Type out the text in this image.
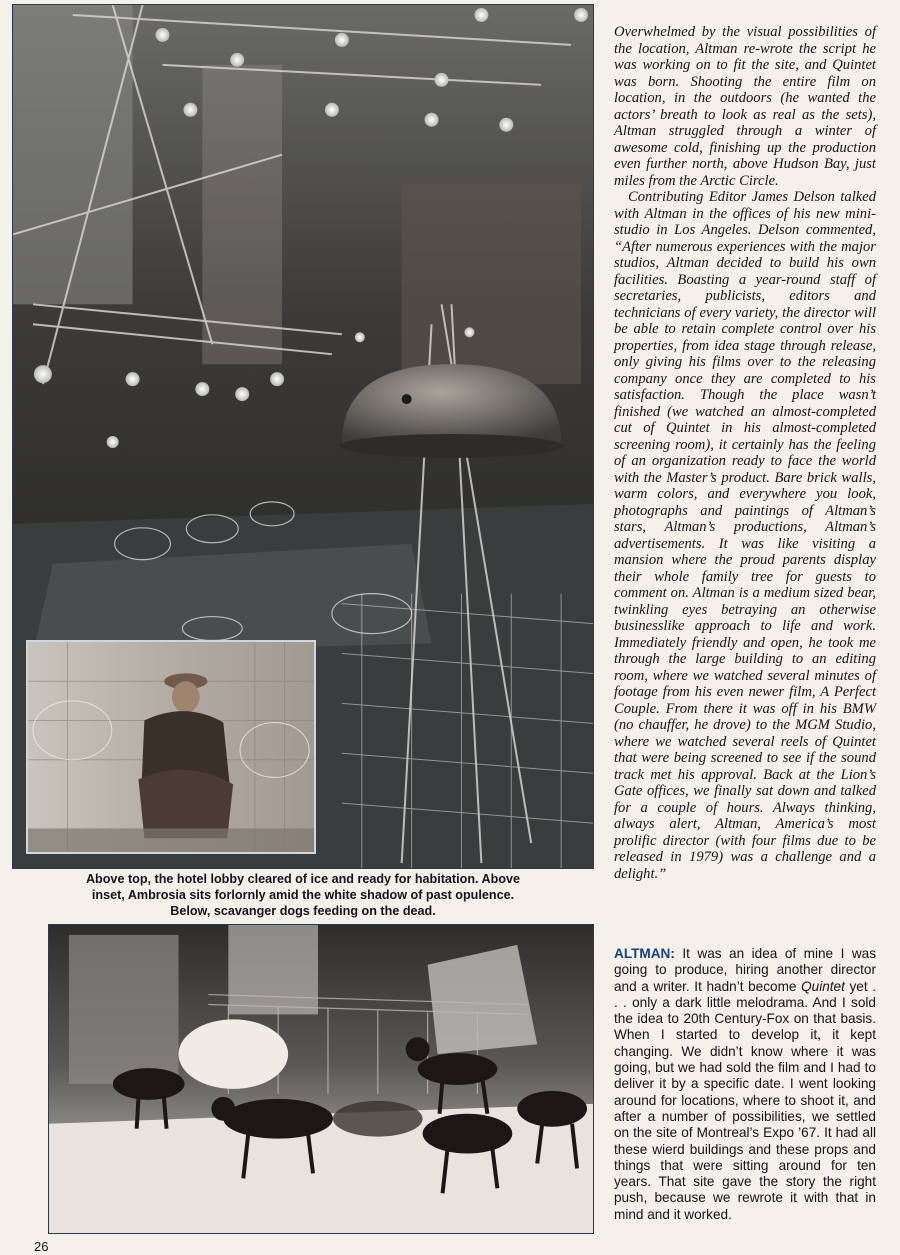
Above top, the hotel lobby cleared of ice and ready for habitation. Above
inset, Ambrosia sits forlornly amid the white shadow of past opulence.
Below, scavanger dogs feeding on the dead.

Overwhelmed by the visual possibilities of the location, Altman re-wrote the script he was working on to fit the site, and Quintet was born. Shooting the entire film on location, in the outdoors (he wanted the actors’ breath to look as real as the sets), Altman struggled through a winter of awesome cold, finishing up the production even further north, above Hudson Bay, just miles from the Arctic Circle.

Contributing Editor James Delson talked with Altman in the offices of his new mini-studio in Los Angeles. Delson commented, “After numerous experiences with the major studios, Altman decided to build his own facilities. Boasting a year-round staff of secretaries, publicists, editors and technicians of every variety, the director will be able to retain complete control over his properties, from idea stage through release, only giving his films over to the releasing company once they are completed to his satisfaction. Though the place wasn’t finished (we watched an almost-completed cut of Quintet in his almost-completed screening room), it certainly has the feeling of an organization ready to face the world with the Master’s product. Bare brick walls, warm colors, and everywhere you look, photographs and paintings of Altman’s stars, Altman’s productions, Altman’s advertisements. It was like visiting a mansion where the proud parents display their whole family tree for guests to comment on. Altman is a medium sized bear, twinkling eyes betraying an otherwise businesslike approach to life and work. Immediately friendly and open, he took me through the large building to an editing room, where we watched several minutes of footage from his even newer film, A Perfect Couple. From there it was off in his BMW (no chauffer, he drove) to the MGM Studio, where we watched several reels of Quintet that were being screened to see if the sound track met his approval. Back at the Lion’s Gate offices, we finally sat down and talked for a couple of hours. Always thinking, always alert, Altman, America’s most prolific director (with four films due to be released in 1979) was a challenge and a delight.”

ALTMAN: It was an idea of mine I was going to produce, hiring another director and a writer. It hadn’t become Quintet yet . . . only a dark little melodrama. And I sold the idea to 20th Century-Fox on that basis. When I started to develop it, it kept changing. We didn’t know where it was going, but we had sold the film and I had to deliver it by a specific date. I went looking around for locations, where to shoot it, and after a number of possibilities, we settled on the site of Montreal’s Expo ’67. It had all these wierd buildings and these props and things that were sitting around for ten years. That site gave the story the right push, because we rewrote it with that in mind and it worked.

26
